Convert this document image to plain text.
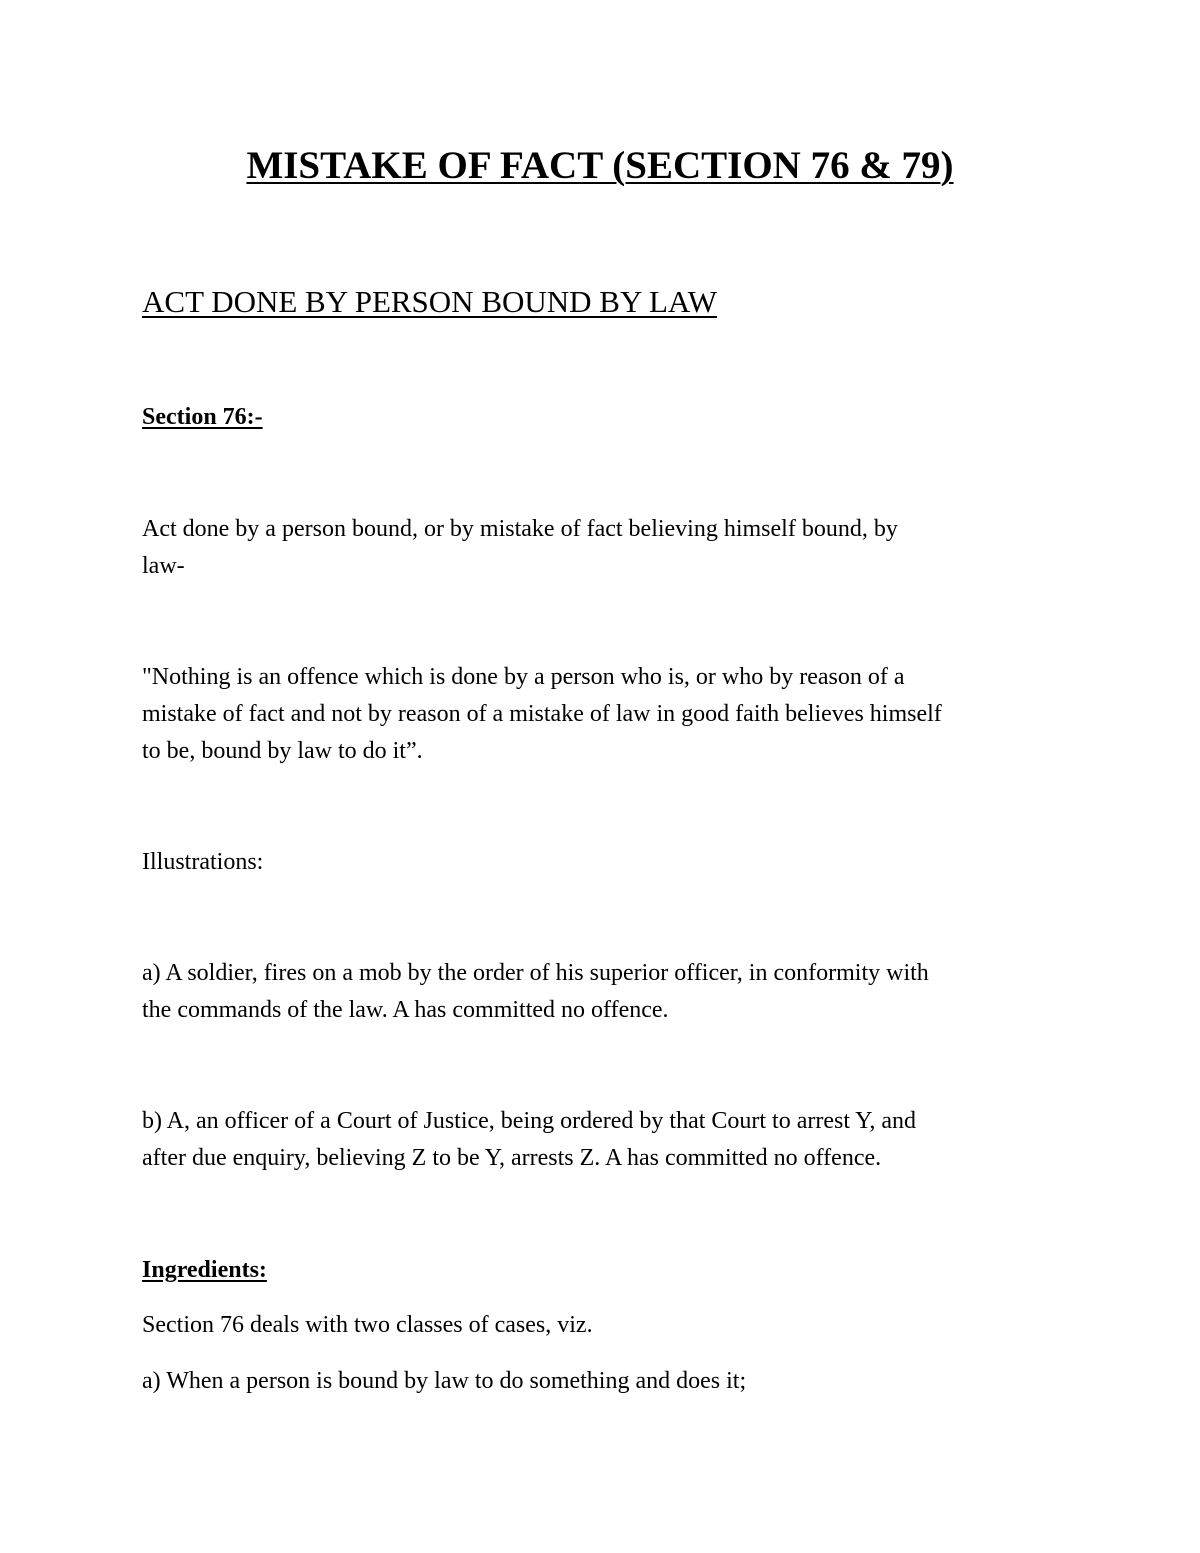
MISTAKE OF FACT (SECTION 76 & 79)
ACT DONE BY PERSON BOUND BY LAW
Section 76:-
Act done by a person bound, or by mistake of fact believing himself bound, by
law-
"Nothing is an offence which is done by a person who is, or who by reason of a
mistake of fact and not by reason of a mistake of law in good faith believes himself
to be, bound by law to do it”.
Illustrations:
a) A soldier, fires on a mob by the order of his superior officer, in conformity with
the commands of the law. A has committed no offence.
b) A, an officer of a Court of Justice, being ordered by that Court to arrest Y, and
after due enquiry, believing Z to be Y, arrests Z. A has committed no offence.
Ingredients:
Section 76 deals with two classes of cases, viz.
a) When a person is bound by law to do something and does it;
